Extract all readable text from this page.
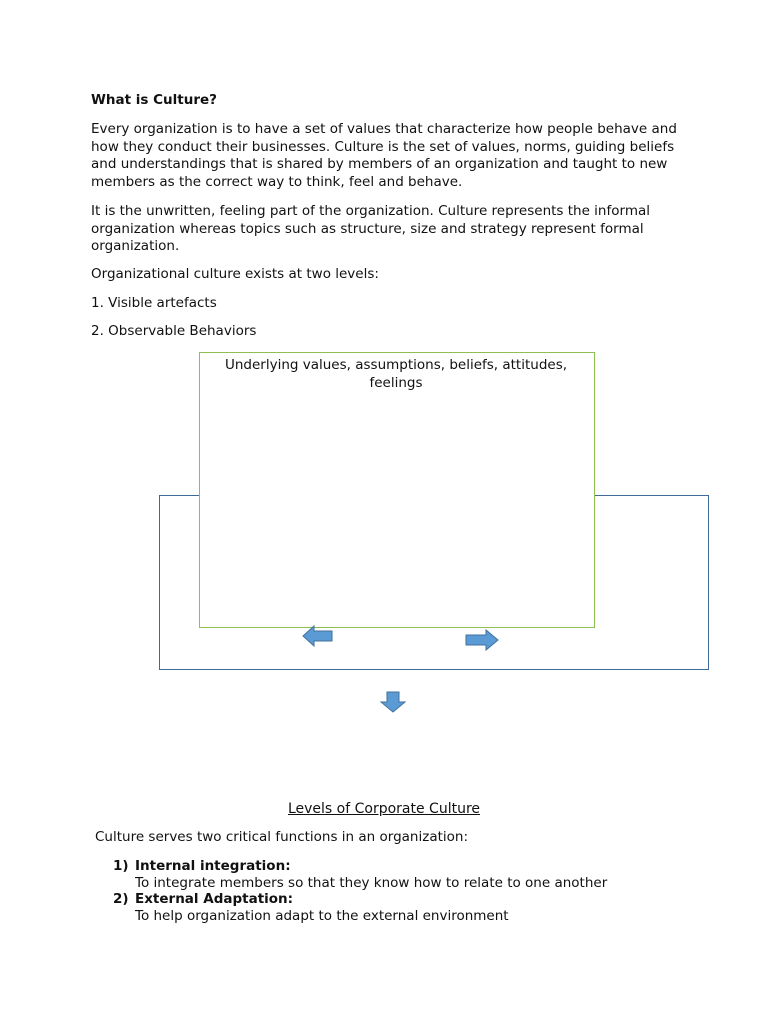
What is Culture?
Every organization is to have a set of values that characterize how people behave and how they conduct their businesses. Culture is the set of values, norms, guiding beliefs and understandings that is shared by members of an organization and taught to new members as the correct way to think, feel and behave.
It is the unwritten, feeling part of the organization. Culture represents the informal organization whereas topics such as structure, size and strategy represent formal organization.
Organizational culture exists at two levels:
1. Visible artefacts
2. Observable Behaviors
Underlying values, assumptions, beliefs, attitudes, feelings
Levels of Corporate Culture
Culture serves two critical functions in an organization:
1) Internal integration:
To integrate members so that they know how to relate to one another
2) External Adaptation:
To help organization adapt to the external environment
